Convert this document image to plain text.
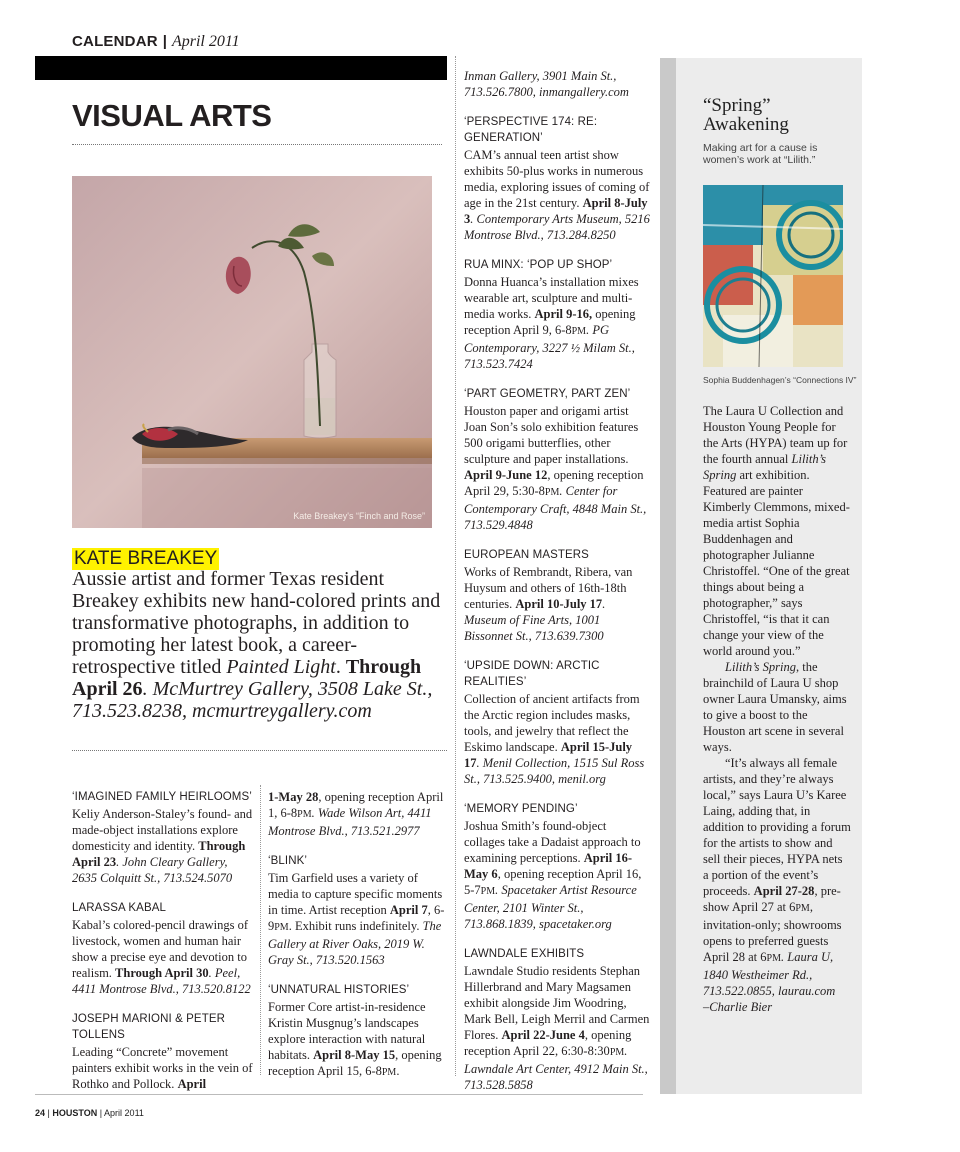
CALENDAR | April 2011
VISUAL ARTS
Kate Breakey's “Finch and Rose”
KATE BREAKEY
Aussie artist and former Texas resident Breakey exhibits new hand-colored prints and transformative photographs, in addition to promoting her latest book, a career-retrospective titled Painted Light. Through April 26. McMurtrey Gallery, 3508 Lake St., 713.523.8238, mcmurtreygallery.com
‘IMAGINED FAMILY HEIRLOOMS’

Keliy Anderson-Staley’s found- and made-object installations explore domesticity and identity. Through April 23. John Cleary Gallery, 2635 Colquitt St., 713.524.5070

LARASSA KABAL

Kabal’s colored-pencil drawings of livestock, women and human hair show a precise eye and devotion to realism. Through April 30. Peel, 4411 Montrose Blvd., 713.520.8122

JOSEPH MARIONI & PETER TOLLENS

Leading “Concrete” movement painters exhibit works in the vein of Rothko and Pollock. April

1-May 28, opening reception April 1, 6-8PM. Wade Wilson Art, 4411 Montrose Blvd., 713.521.2977

‘BLINK’

Tim Garfield uses a variety of media to capture specific moments in time. Artist reception April 7, 6-9PM. Exhibit runs indefinitely. The Gallery at River Oaks, 2019 W. Gray St., 713.520.1563

‘UNNATURAL HISTORIES’

Former Core artist-in-residence Kristin Musgnug’s landscapes explore interaction with natural habitats. April 8-May 15, opening reception April 15, 6-8PM.

Inman Gallery, 3901 Main St., 713.526.7800, inmangallery.com

‘PERSPECTIVE 174: RE: GENERATION’

CAM’s annual teen artist show exhibits 50-plus works in numerous media, exploring issues of coming of age in the 21st century. April 8-July 3. Contemporary Arts Museum, 5216 Montrose Blvd., 713.284.8250

RUA MINX: ‘POP UP SHOP’

Donna Huanca’s installation mixes wearable art, sculpture and multi-media works. April 9-16, opening reception April 9, 6-8PM. PG Contemporary, 3227 ½ Milam St., 713.523.7424

‘PART GEOMETRY, PART ZEN’

Houston paper and origami artist Joan Son’s solo exhibition features 500 origami butterflies, other sculpture and paper installations. April 9-June 12, opening reception April 29, 5:30-8PM. Center for Contemporary Craft, 4848 Main St., 713.529.4848

EUROPEAN MASTERS

Works of Rembrandt, Ribera, van Huysum and others of 16th-18th centuries. April 10-July 17. Museum of Fine Arts, 1001 Bissonnet St., 713.639.7300

‘UPSIDE DOWN: ARCTIC REALITIES’

Collection of ancient artifacts from the Arctic region includes masks, tools, and jewelry that reflect the Eskimo landscape. April 15-July 17. Menil Collection, 1515 Sul Ross St., 713.525.9400, menil.org

‘MEMORY PENDING’

Joshua Smith’s found-object collages take a Dadaist approach to examining perceptions. April 16-May 6, opening reception April 16, 5-7PM. Spacetaker Artist Resource Center, 2101 Winter St., 713.868.1839, spacetaker.org

LAWNDALE EXHIBITS

Lawndale Studio residents Stephan Hillerbrand and Mary Magsamen exhibit alongside Jim Woodring, Mark Bell, Leigh Merril and Carmen Flores. April 22-June 4, opening reception April 22, 6:30-8:30PM. Lawndale Art Center, 4912 Main St., 713.528.5858

“Spring”
Awakening
Making art for a cause is women’s work at “Lilith.”
Sophia Buddenhagen’s “Connections IV”

The Laura U Collection and Houston Young People for the Arts (HYPA) team up for the fourth annual Lilith’s Spring art exhibition. Featured are painter Kimberly Clemmons, mixed-media artist Sophia Buddenhagen and photographer Julianne Christoffel. “One of the great things about being a photographer,” says Christoffel, “is that it can change your view of the world around you.”

Lilith’s Spring, the brainchild of Laura U shop owner Laura Umansky, aims to give a boost to the Houston art scene in several ways.

“It’s always all female artists, and they’re always local,” says Laura U’s Karee Laing, adding that, in addition to providing a forum for the artists to show and sell their pieces, HYPA nets a portion of the event’s proceeds. April 27-28, pre-show April 27 at 6PM, invitation-only; showrooms opens to preferred guests April 28 at 6PM. Laura U, 1840 Westheimer Rd., 713.522.0855, laurau.com

–Charlie Bier

24 | HOUSTON | April 2011
